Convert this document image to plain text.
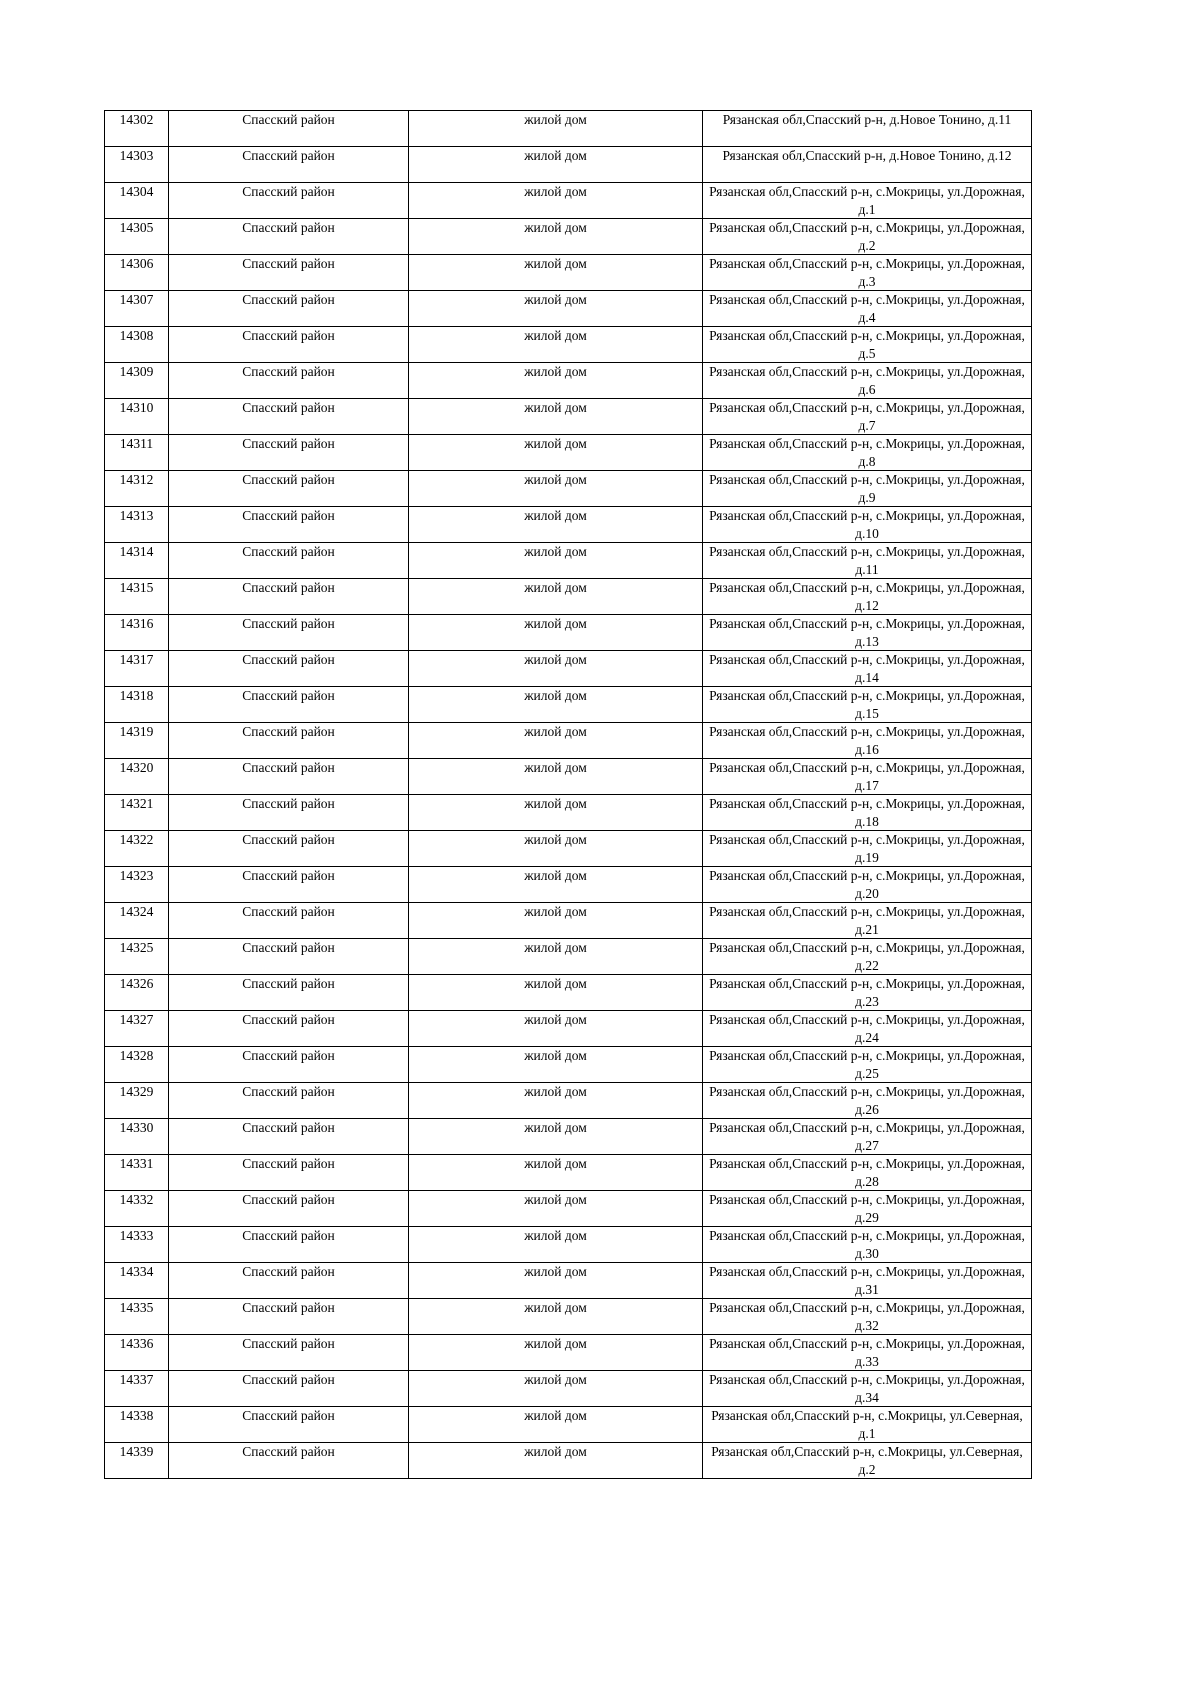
14302	Спасский район	жилой дом	Рязанская обл,Спасский р-н, д.Новое Тонино, д.11
14303	Спасский район	жилой дом	Рязанская обл,Спасский р-н, д.Новое Тонино, д.12
14304	Спасский район	жилой дом	Рязанская обл,Спасский р-н, с.Мокрицы, ул.Дорожная, д.1
14305	Спасский район	жилой дом	Рязанская обл,Спасский р-н, с.Мокрицы, ул.Дорожная, д.2
14306	Спасский район	жилой дом	Рязанская обл,Спасский р-н, с.Мокрицы, ул.Дорожная, д.3
14307	Спасский район	жилой дом	Рязанская обл,Спасский р-н, с.Мокрицы, ул.Дорожная, д.4
14308	Спасский район	жилой дом	Рязанская обл,Спасский р-н, с.Мокрицы, ул.Дорожная, д.5
14309	Спасский район	жилой дом	Рязанская обл,Спасский р-н, с.Мокрицы, ул.Дорожная, д.6
14310	Спасский район	жилой дом	Рязанская обл,Спасский р-н, с.Мокрицы, ул.Дорожная, д.7
14311	Спасский район	жилой дом	Рязанская обл,Спасский р-н, с.Мокрицы, ул.Дорожная, д.8
14312	Спасский район	жилой дом	Рязанская обл,Спасский р-н, с.Мокрицы, ул.Дорожная, д.9
14313	Спасский район	жилой дом	Рязанская обл,Спасский р-н, с.Мокрицы, ул.Дорожная, д.10
14314	Спасский район	жилой дом	Рязанская обл,Спасский р-н, с.Мокрицы, ул.Дорожная, д.11
14315	Спасский район	жилой дом	Рязанская обл,Спасский р-н, с.Мокрицы, ул.Дорожная, д.12
14316	Спасский район	жилой дом	Рязанская обл,Спасский р-н, с.Мокрицы, ул.Дорожная, д.13
14317	Спасский район	жилой дом	Рязанская обл,Спасский р-н, с.Мокрицы, ул.Дорожная, д.14
14318	Спасский район	жилой дом	Рязанская обл,Спасский р-н, с.Мокрицы, ул.Дорожная, д.15
14319	Спасский район	жилой дом	Рязанская обл,Спасский р-н, с.Мокрицы, ул.Дорожная, д.16
14320	Спасский район	жилой дом	Рязанская обл,Спасский р-н, с.Мокрицы, ул.Дорожная, д.17
14321	Спасский район	жилой дом	Рязанская обл,Спасский р-н, с.Мокрицы, ул.Дорожная, д.18
14322	Спасский район	жилой дом	Рязанская обл,Спасский р-н, с.Мокрицы, ул.Дорожная, д.19
14323	Спасский район	жилой дом	Рязанская обл,Спасский р-н, с.Мокрицы, ул.Дорожная, д.20
14324	Спасский район	жилой дом	Рязанская обл,Спасский р-н, с.Мокрицы, ул.Дорожная, д.21
14325	Спасский район	жилой дом	Рязанская обл,Спасский р-н, с.Мокрицы, ул.Дорожная, д.22
14326	Спасский район	жилой дом	Рязанская обл,Спасский р-н, с.Мокрицы, ул.Дорожная, д.23
14327	Спасский район	жилой дом	Рязанская обл,Спасский р-н, с.Мокрицы, ул.Дорожная, д.24
14328	Спасский район	жилой дом	Рязанская обл,Спасский р-н, с.Мокрицы, ул.Дорожная, д.25
14329	Спасский район	жилой дом	Рязанская обл,Спасский р-н, с.Мокрицы, ул.Дорожная, д.26
14330	Спасский район	жилой дом	Рязанская обл,Спасский р-н, с.Мокрицы, ул.Дорожная, д.27
14331	Спасский район	жилой дом	Рязанская обл,Спасский р-н, с.Мокрицы, ул.Дорожная, д.28
14332	Спасский район	жилой дом	Рязанская обл,Спасский р-н, с.Мокрицы, ул.Дорожная, д.29
14333	Спасский район	жилой дом	Рязанская обл,Спасский р-н, с.Мокрицы, ул.Дорожная, д.30
14334	Спасский район	жилой дом	Рязанская обл,Спасский р-н, с.Мокрицы, ул.Дорожная, д.31
14335	Спасский район	жилой дом	Рязанская обл,Спасский р-н, с.Мокрицы, ул.Дорожная, д.32
14336	Спасский район	жилой дом	Рязанская обл,Спасский р-н, с.Мокрицы, ул.Дорожная, д.33
14337	Спасский район	жилой дом	Рязанская обл,Спасский р-н, с.Мокрицы, ул.Дорожная, д.34
14338	Спасский район	жилой дом	Рязанская обл,Спасский р-н, с.Мокрицы, ул.Северная, д.1
14339	Спасский район	жилой дом	Рязанская обл,Спасский р-н, с.Мокрицы, ул.Северная, д.2
